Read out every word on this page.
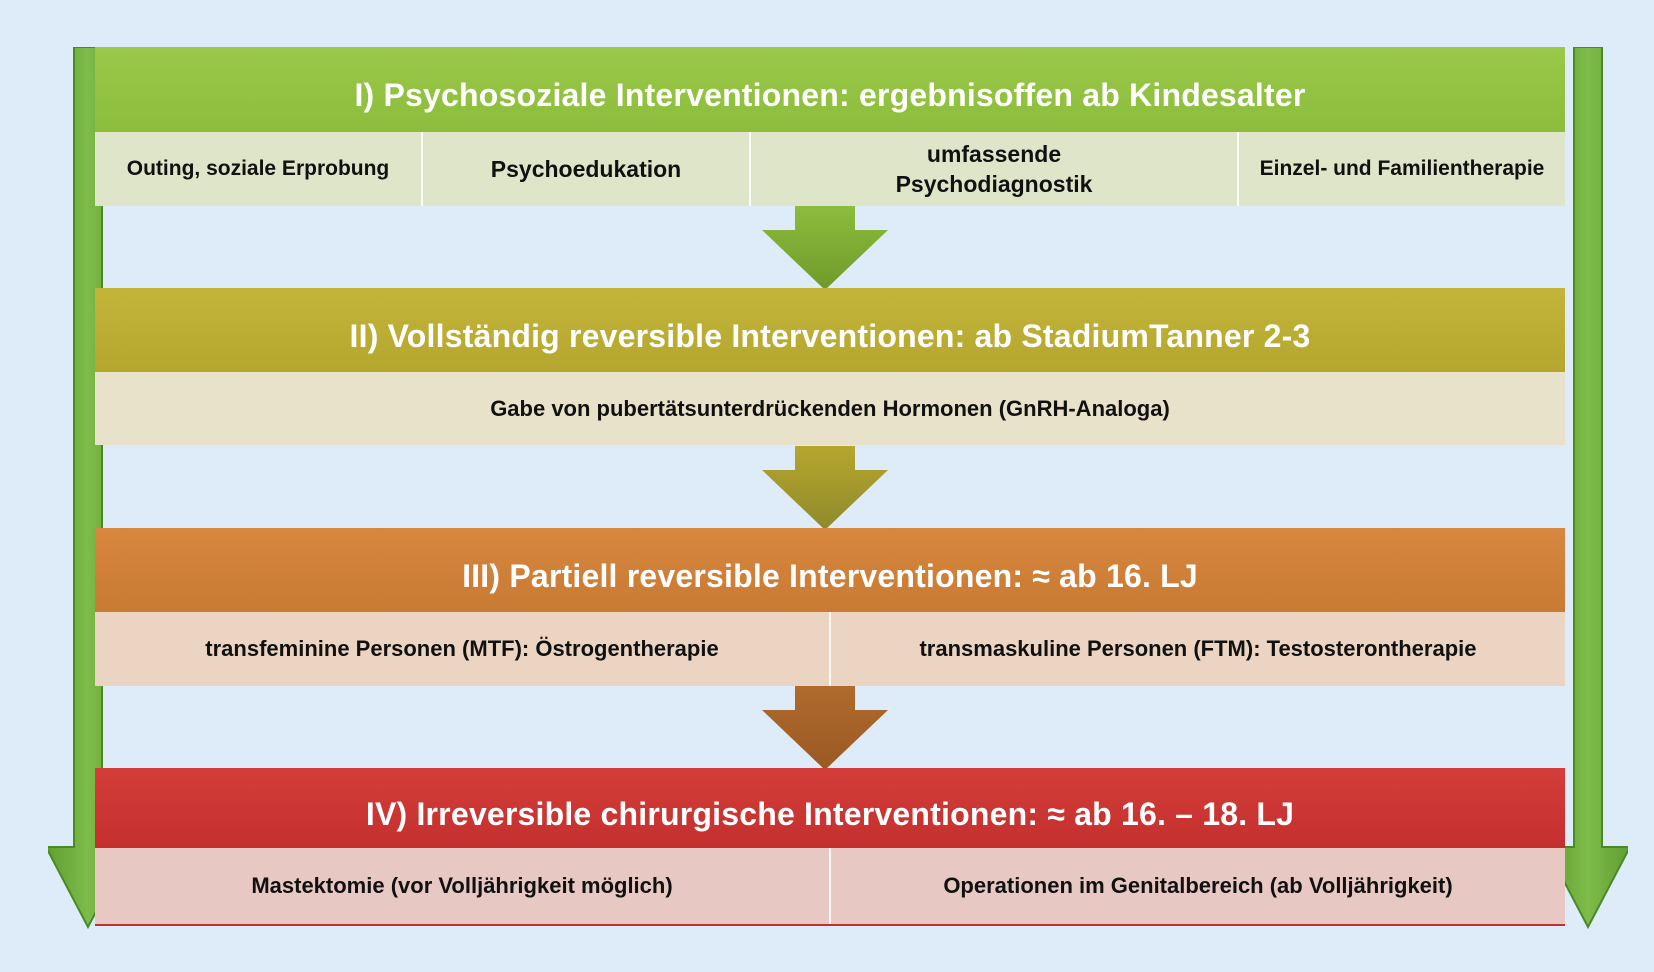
I) Psychosoziale Interventionen: ergebnisoffen ab Kindesalter
Outing, soziale Erprobung	Psychoedukation
umfassende Psychodiagnostik
Einzel- und Familientherapie
II) Vollständig reversible Interventionen: ab StadiumTanner 2-3
Gabe von pubertätsunterdrückenden Hormonen (GnRH-Analoga)
III) Partiell reversible Interventionen: ≈ ab 16. LJ
transfeminine Personen (MTF): Östrogentherapie	transmaskuline Personen (FTM): Testosterontherapie
IV) Irreversible chirurgische Interventionen: ≈ ab 16. – 18. LJ
Mastektomie (vor Volljährigkeit möglich)	Operationen im Genitalbereich (ab Volljährigkeit)
